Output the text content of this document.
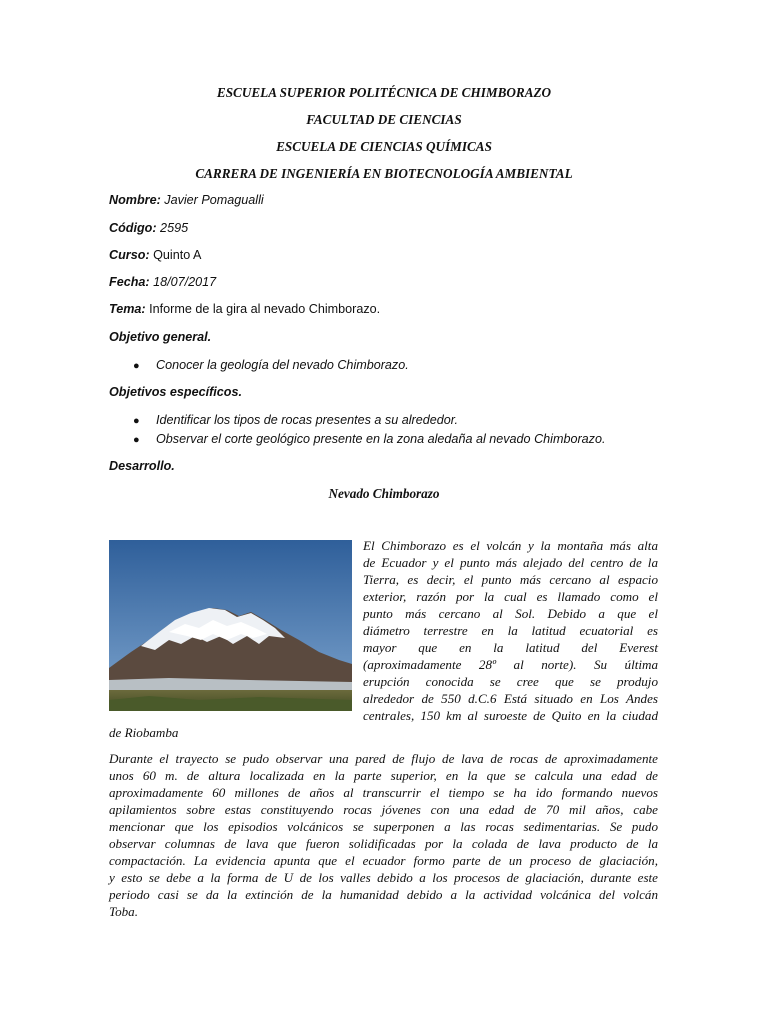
ESCUELA SUPERIOR POLITÉCNICA DE CHIMBORAZO
FACULTAD DE CIENCIAS
ESCUELA DE CIENCIAS QUÍMICAS
CARRERA DE INGENIERÍA EN BIOTECNOLOGÍA AMBIENTAL
Nombre: Javier Pomagualli
Código: 2595
Curso: Quinto A
Fecha: 18/07/2017
Tema: Informe de la gira al nevado Chimborazo.
Objetivo general.
● Conocer la geología del nevado Chimborazo.
Objetivos específicos.
● Identificar los tipos de rocas presentes a su alrededor.
● Observar el corte geológico presente en la zona aledaña al nevado Chimborazo.
Desarrollo.
Nevado Chimborazo
El Chimborazo es el volcán y la montaña más alta
de Ecuador y el punto más alejado del centro de la
Tierra, es decir, el punto más cercano al espacio
exterior, razón por la cual es llamado como el
punto más cercano al Sol. Debido a que el
diámetro terrestre en la latitud ecuatorial es
mayor que en la latitud del Everest
(aproximadamente 28º al norte). Su última
erupción conocida se cree que se produjo
alrededor de 550 d.C.6 Está situado en Los Andes
centrales, 150 km al suroeste de Quito en la ciudad
de Riobamba
Durante el trayecto se pudo observar una pared de flujo de lava de rocas de aproximadamente
unos 60 m. de altura localizada en la parte superior, en la que se calcula una edad de
aproximadamente 60 millones de años al transcurrir el tiempo se ha ido formando nuevos
apilamientos sobre estas constituyendo rocas jóvenes con una edad de 70 mil años, cabe
mencionar que los episodios volcánicos se superponen a las rocas sedimentarias. Se pudo
observar columnas de lava que fueron solidificadas por la colada de lava producto de la
compactación. La evidencia apunta que el ecuador formo parte de un proceso de glaciación,
y esto se debe a la forma de U de los valles debido a los procesos de glaciación, durante este
periodo casi se da la extinción de la humanidad debido a la actividad volcánica del volcán
Toba.
